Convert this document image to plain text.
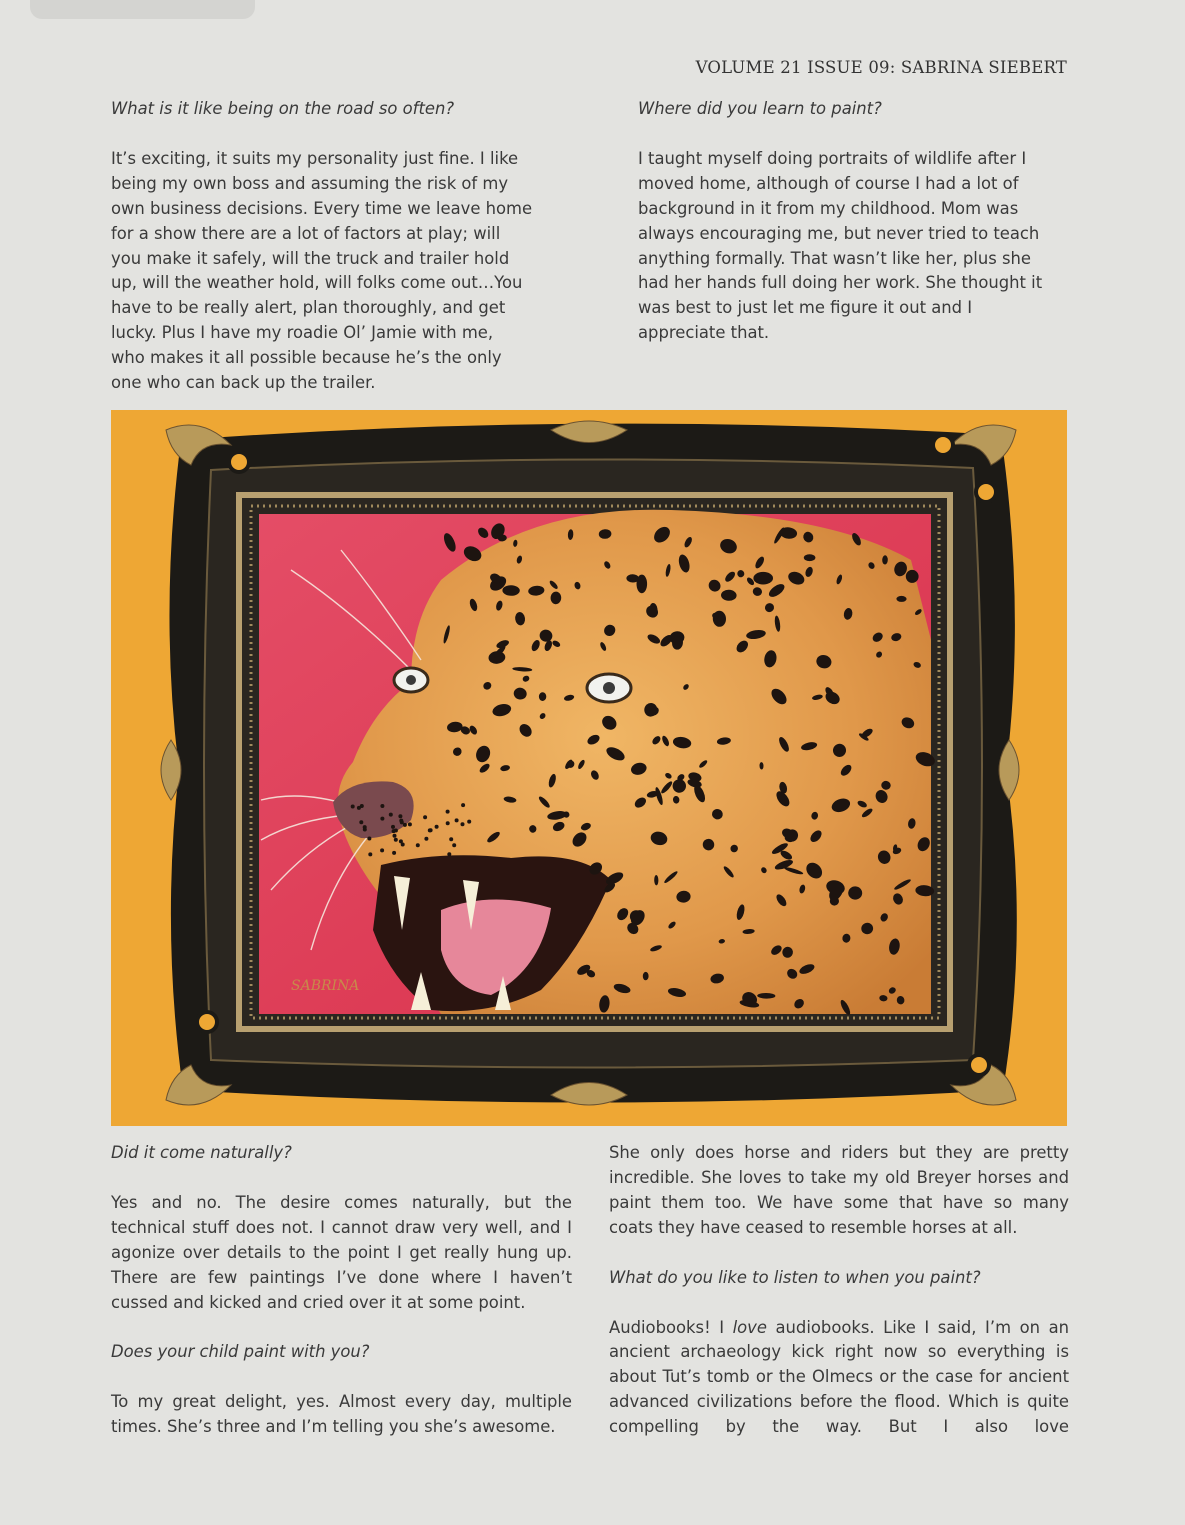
VOLUME 21 ISSUE 09: SABRINA SIEBERT

What is it like being on the road so often?

It’s exciting, it suits my personality just fine. I like
being my own boss and assuming the risk of my
own business decisions. Every time we leave home
for a show there are a lot of factors at play; will
you make it safely, will the truck and trailer hold
up, will the weather hold, will folks come out…You
have to be really alert, plan thoroughly, and get
lucky. Plus I have my roadie Ol’ Jamie with me,
who makes it all possible because he’s the only
one who can back up the trailer.

Where did you learn to paint?

I taught myself doing portraits of wildlife after I
moved home, although of course I had a lot of
background in it from my childhood. Mom was
always encouraging me, but never tried to teach
anything formally. That wasn’t like her, plus she
had her hands full doing her work. She thought it
was best to just let me figure it out and I
appreciate that.
SABRINA

Did it come naturally?

Yes and no. The desire comes naturally, but the technical stuff does not. I cannot draw very well, and I agonize over details to the point I get really hung up. There are few paintings I’ve done where I haven’t cussed and kicked and cried over it at some point.

Does your child paint with you?

To my great delight, yes. Almost every day, multiple times. She’s three and I’m telling you she’s awesome.

She only does horse and riders but they are pretty incredible. She loves to take my old Breyer horses and paint them too. We have some that have so many coats they have ceased to resemble horses at all.

What do you like to listen to when you paint?

Audiobooks! I love audiobooks. Like I said, I’m on an ancient archaeology kick right now so everything is about Tut’s tomb or the Olmecs or the case for ancient advanced civilizations before the flood. Which is quite compelling by the way. But I also love
